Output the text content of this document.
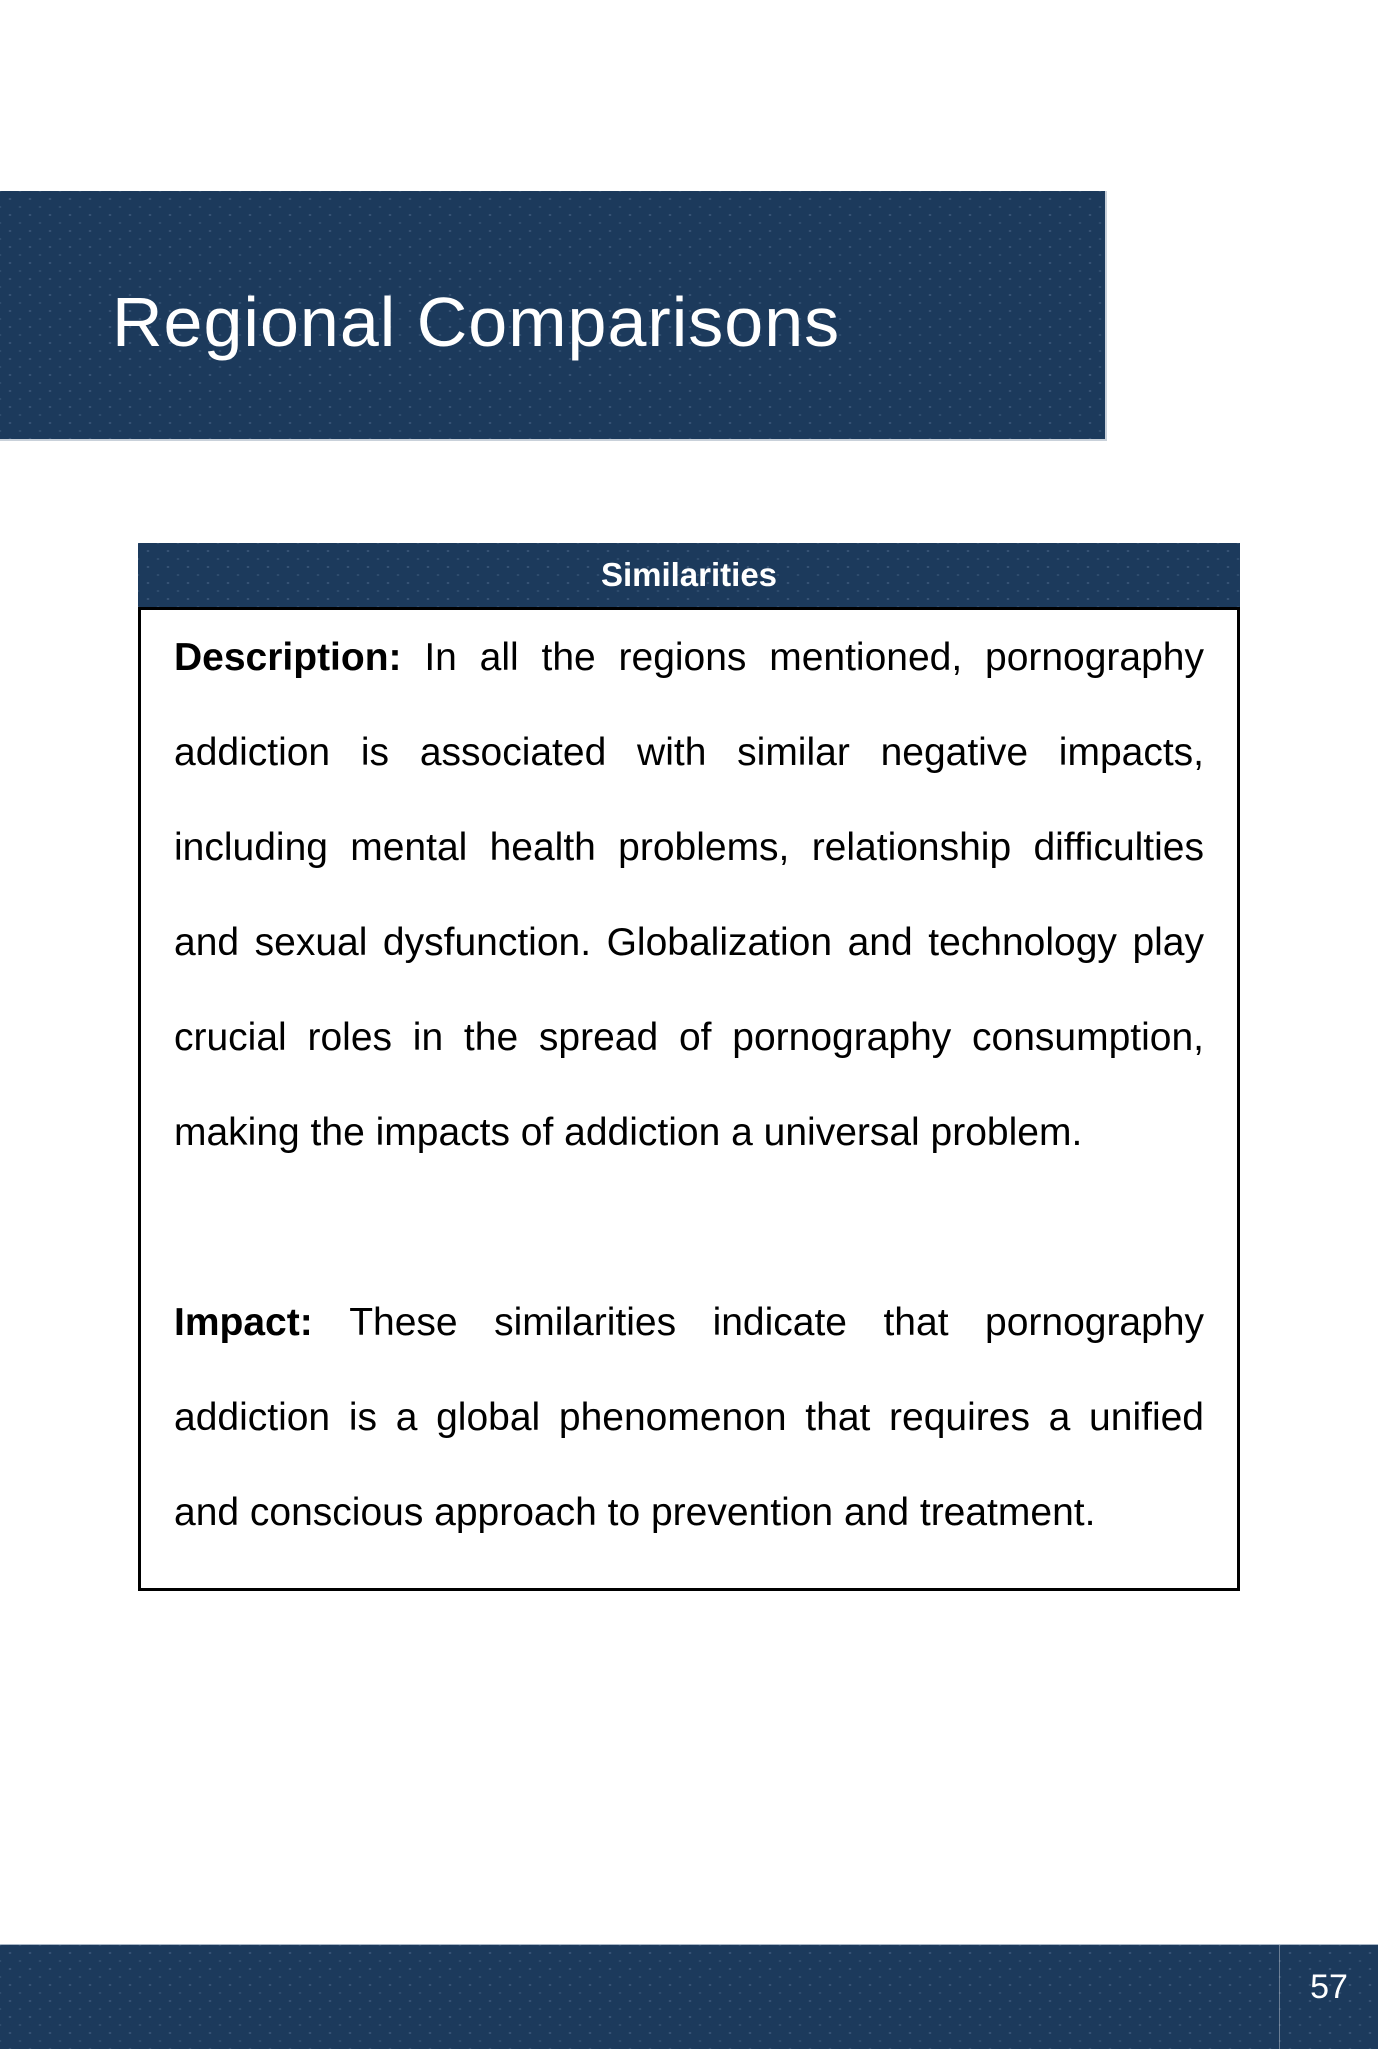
Regional Comparisons
Similarities

Description: In all the regions mentioned, pornography addiction is associated with similar negative impacts, including mental health problems, relationship difficulties and sexual dysfunction. Globalization and technology play crucial roles in the spread of pornography consumption, making the impacts of addiction a universal problem.

Impact: These similarities indicate that pornography addiction is a global phenomenon that requires a unified and conscious approach to prevention and treatment.

57
